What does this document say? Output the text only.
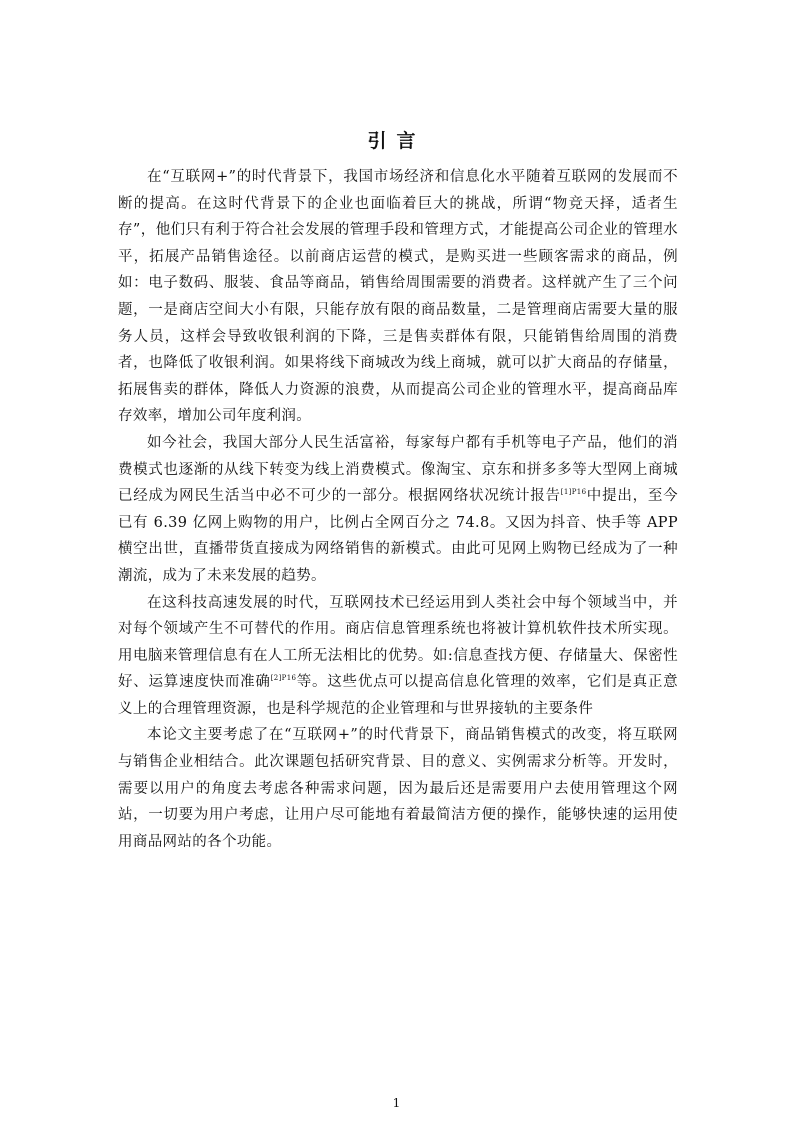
引言

在“互联网+”的时代背景下，我国市场经济和信息化水平随着互联网的发展而不断的提高。在这时代背景下的企业也面临着巨大的挑战，所谓“物竞天择，适者生存”，他们只有利于符合社会发展的管理手段和管理方式，才能提高公司企业的管理水平，拓展产品销售途径。以前商店运营的模式，是购买进一些顾客需求的商品，例如：电子数码、服装、食品等商品，销售给周围需要的消费者。这样就产生了三个问题，一是商店空间大小有限，只能存放有限的商品数量，二是管理商店需要大量的服务人员，这样会导致收银利润的下降，三是售卖群体有限，只能销售给周围的消费者，也降低了收银利润。如果将线下商城改为线上商城，就可以扩大商品的存储量，拓展售卖的群体，降低人力资源的浪费，从而提高公司企业的管理水平，提高商品库存效率，增加公司年度利润。

如今社会，我国大部分人民生活富裕，每家每户都有手机等电子产品，他们的消费模式也逐渐的从线下转变为线上消费模式。像淘宝、京东和拼多多等大型网上商城已经成为网民生活当中必不可少的一部分。根据网络状况统计报告$^{[1]P16}$中提出，至今已有 6.39 亿网上购物的用户，比例占全网百分之 74.8。又因为抖音、快手等 APP 横空出世，直播带货直接成为网络销售的新模式。由此可见网上购物已经成为了一种潮流，成为了未来发展的趋势。

在这科技高速发展的时代，互联网技术已经运用到人类社会中每个领域当中，并对每个领域产生不可替代的作用。商店信息管理系统也将被计算机软件技术所实现。用电脑来管理信息有在人工所无法相比的优势。如:信息查找方便、存储量大、保密性好、运算速度快而准确$^{[2]P16}$等。这些优点可以提高信息化管理的效率，它们是真正意义上的合理管理资源，也是科学规范的企业管理和与世界接轨的主要条件

本论文主要考虑了在“互联网+”的时代背景下，商品销售模式的改变，将互联网与销售企业相结合。此次课题包括研究背景、目的意义、实例需求分析等。开发时，需要以用户的角度去考虑各种需求问题，因为最后还是需要用户去使用管理这个网站，一切要为用户考虑，让用户尽可能地有着最简洁方便的操作，能够快速的运用使用商品网站的各个功能。

1
